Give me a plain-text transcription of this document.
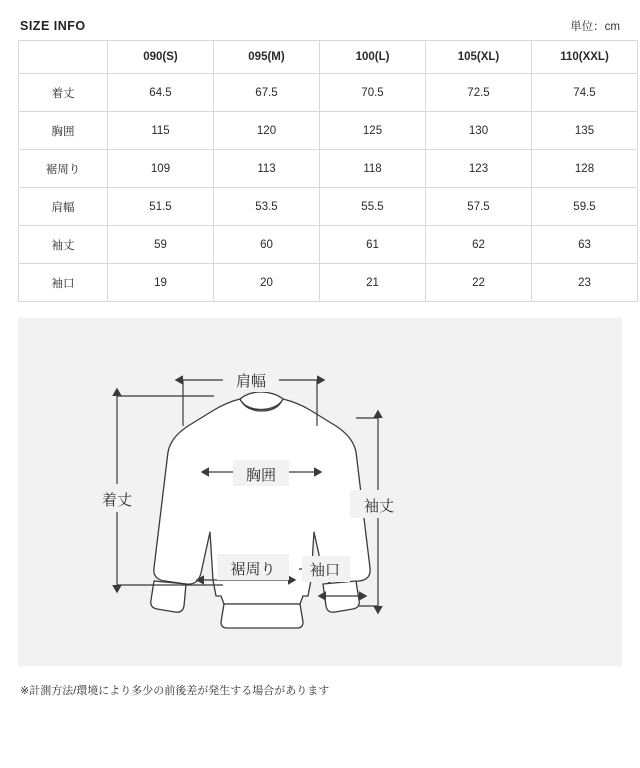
SIZE INFO	単位：cm
	090(S)	095(M)	100(L)	105(XL)	110(XXL)
着丈	64.5	67.5	70.5	72.5	74.5
胸囲	115	120	125	130	135
裾周り	109	113	118	123	128
肩幅	51.5	53.5	55.5	57.5	59.5
袖丈	59	60	61	62	63
袖口	19	20	21	22	23
肩幅
着丈
胸囲
裾周り
袖丈
袖口
※計測方法/環境により多少の前後差が発生する場合があります
